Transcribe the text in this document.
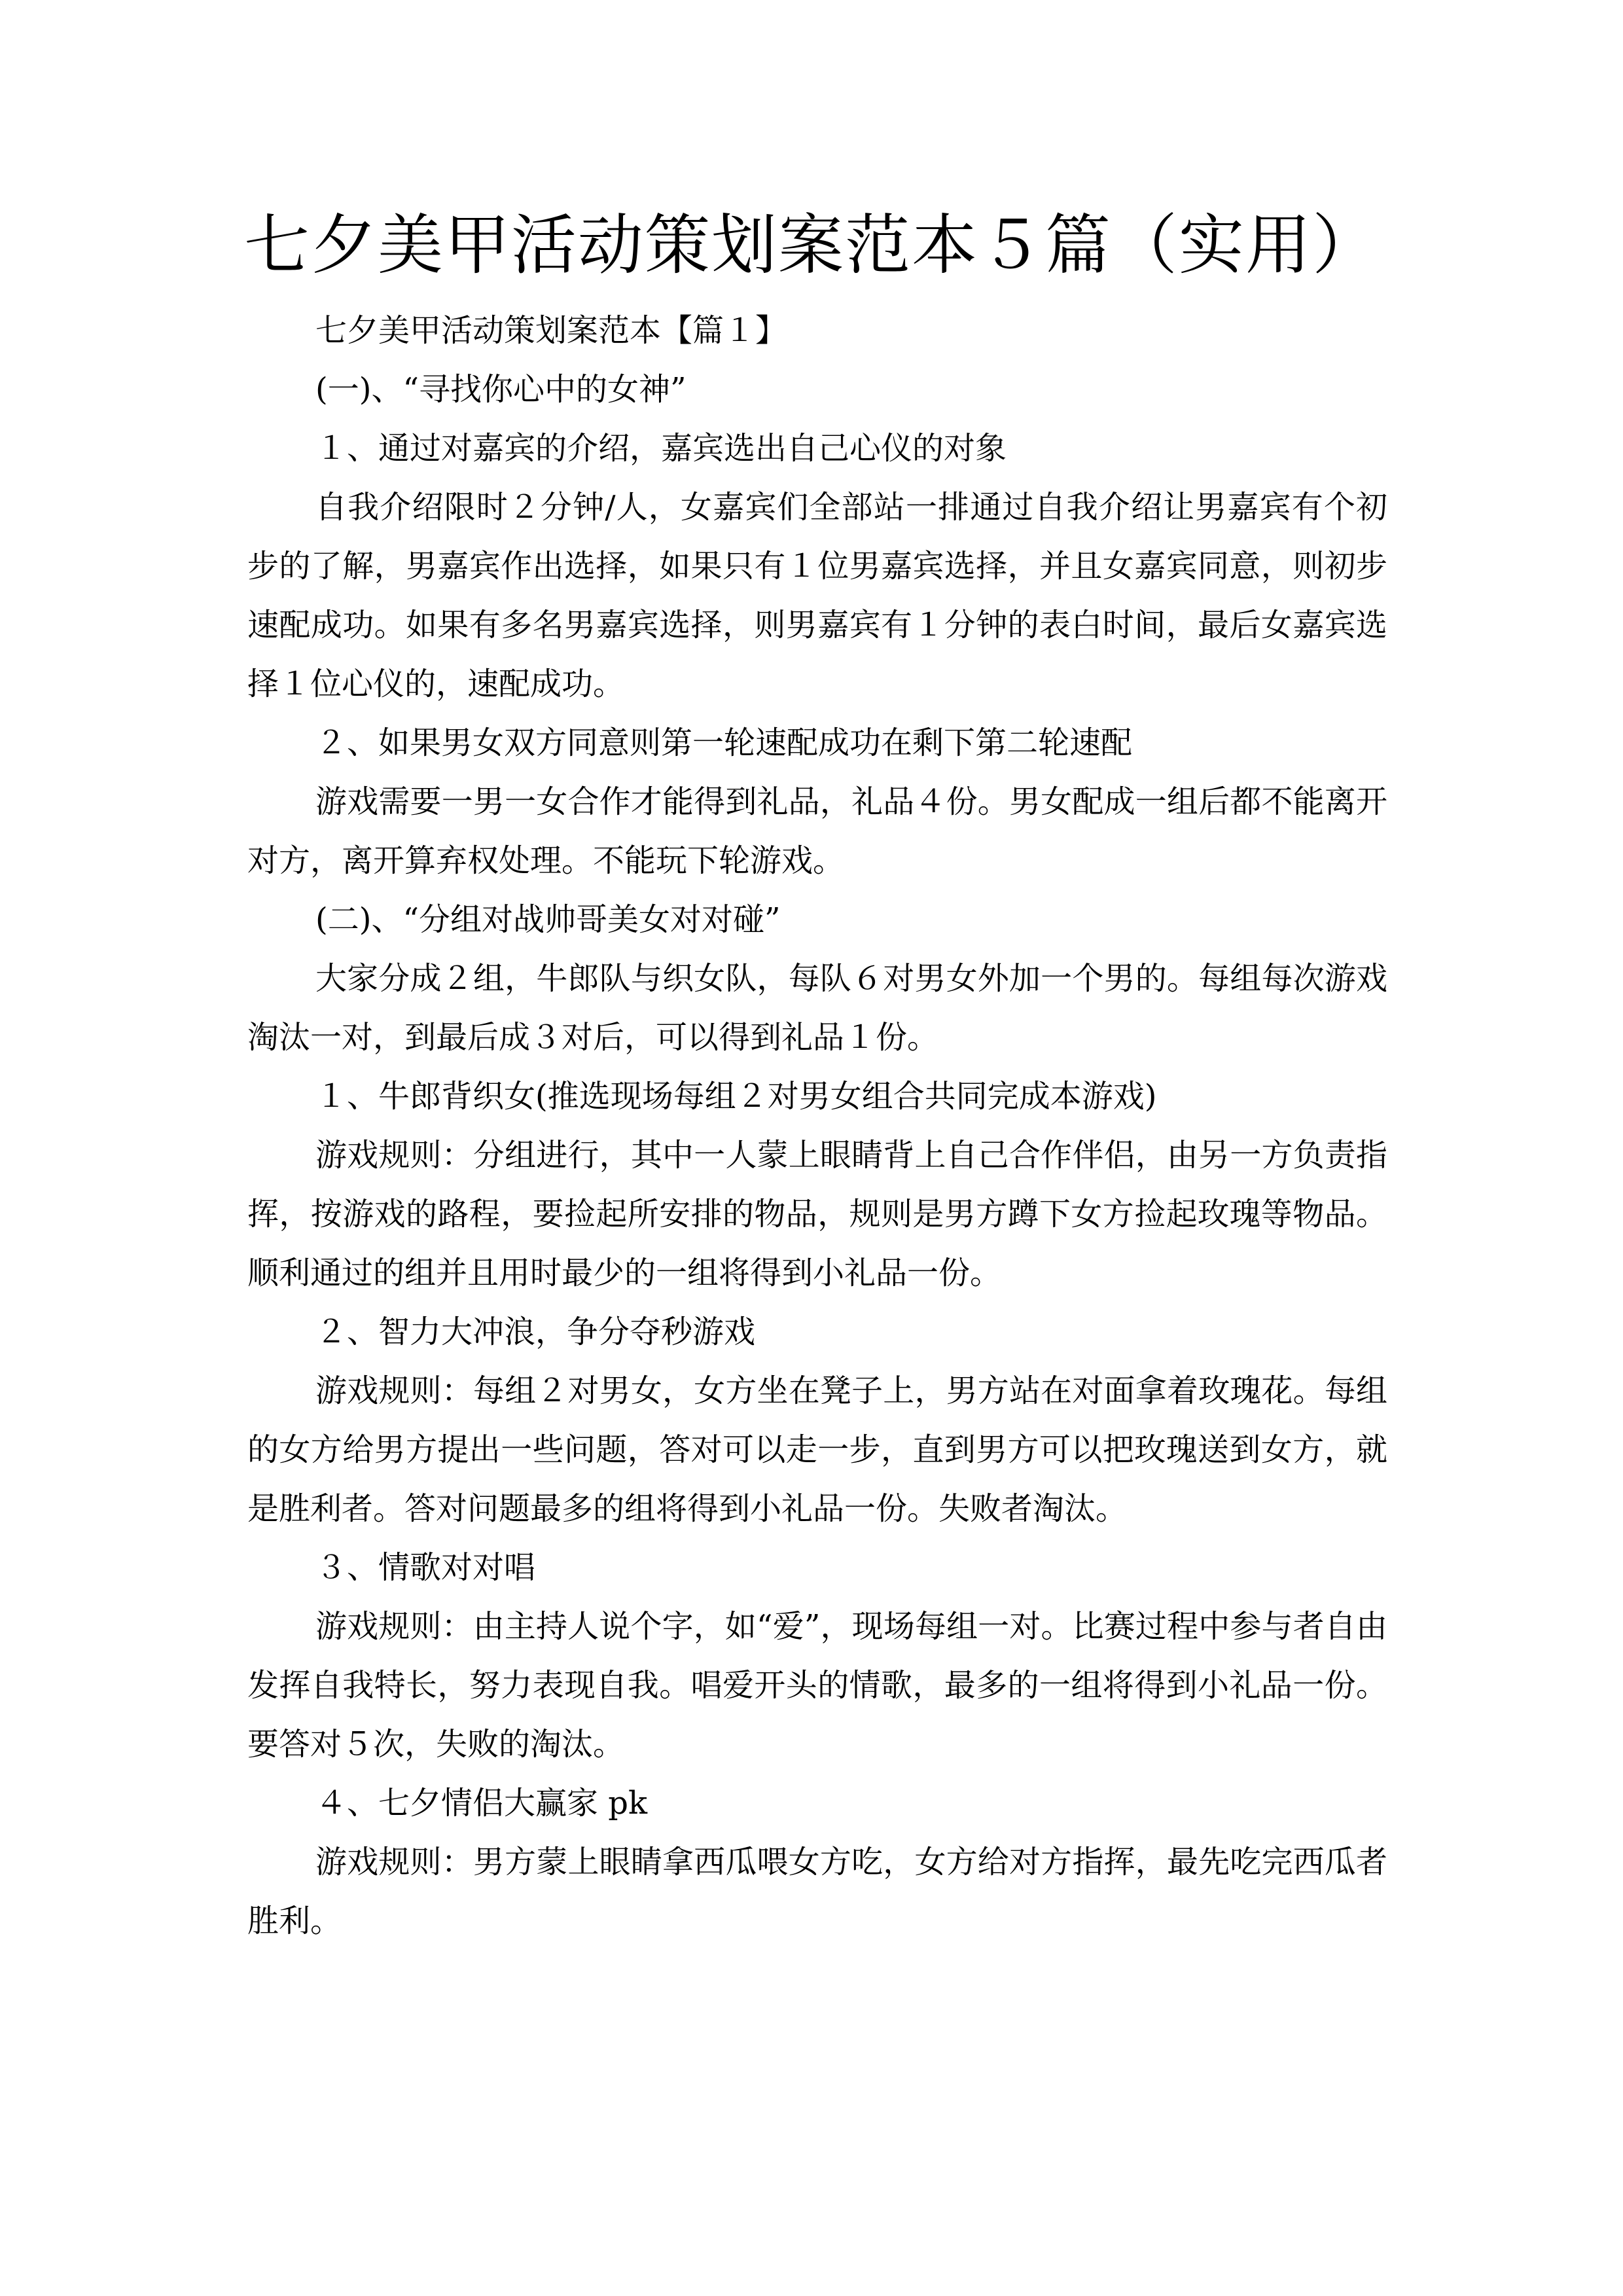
七夕美甲活动策划案范本５篇（实用）

七夕美甲活动策划案范本【篇１】

(一)、“寻找你心中的女神”

１、通过对嘉宾的介绍，嘉宾选出自己心仪的对象

自我介绍限时２分钟/人，女嘉宾们全部站一排通过自我介绍让男嘉宾有个初步的了解，男嘉宾作出选择，如果只有１位男嘉宾选择，并且女嘉宾同意，则初步速配成功。如果有多名男嘉宾选择，则男嘉宾有１分钟的表白时间，最后女嘉宾选择１位心仪的，速配成功。

２、如果男女双方同意则第一轮速配成功在剩下第二轮速配

游戏需要一男一女合作才能得到礼品，礼品４份。男女配成一组后都不能离开对方，离开算弃权处理。不能玩下轮游戏。

(二)、“分组对战帅哥美女对对碰”

大家分成２组，牛郎队与织女队，每队６对男女外加一个男的。每组每次游戏淘汰一对，到最后成３对后，可以得到礼品１份。

１、牛郎背织女(推选现场每组２对男女组合共同完成本游戏)

游戏规则：分组进行，其中一人蒙上眼睛背上自己合作伴侣，由另一方负责指挥，按游戏的路程，要捡起所安排的物品，规则是男方蹲下女方捡起玫瑰等物品。顺利通过的组并且用时最少的一组将得到小礼品一份。

２、智力大冲浪，争分夺秒游戏

游戏规则：每组２对男女，女方坐在凳子上，男方站在对面拿着玫瑰花。每组的女方给男方提出一些问题，答对可以走一步，直到男方可以把玫瑰送到女方，就是胜利者。答对问题最多的组将得到小礼品一份。失败者淘汰。

３、情歌对对唱

游戏规则：由主持人说个字，如“爱”，现场每组一对。比赛过程中参与者自由发挥自我特长，努力表现自我。唱爱开头的情歌，最多的一组将得到小礼品一份。要答对５次，失败的淘汰。

４、七夕情侣大赢家 pk

游戏规则：男方蒙上眼睛拿西瓜喂女方吃，女方给对方指挥，最先吃完西瓜者胜利。
